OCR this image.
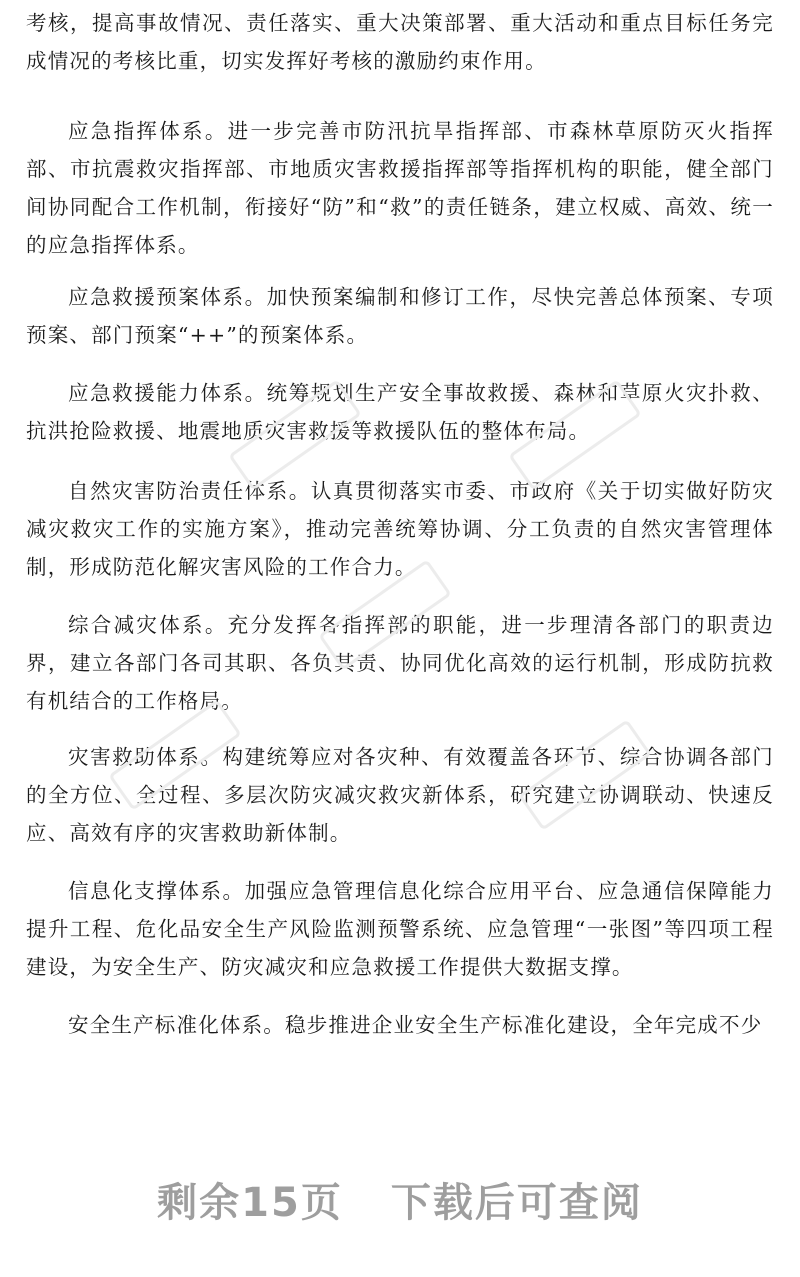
考核，提高事故情况、责任落实、重大决策部署、重大活动和重点目标任务完成情况的考核比重，切实发挥好考核的激励约束作用。

应急指挥体系。进一步完善市防汛抗旱指挥部、市森林草原防灭火指挥部、市抗震救灾指挥部、市地质灾害救援指挥部等指挥机构的职能，健全部门间协同配合工作机制，衔接好“防”和“救”的责任链条，建立权威、高效、统一的应急指挥体系。

应急救援预案体系。加快预案编制和修订工作，尽快完善总体预案、专项预案、部门预案“++”的预案体系。

应急救援能力体系。统筹规划生产安全事故救援、森林和草原火灾扑救、抗洪抢险救援、地震地质灾害救援等救援队伍的整体布局。

自然灾害防治责任体系。认真贯彻落实市委、市政府《关于切实做好防灾减灾救灾工作的实施方案》，推动完善统筹协调、分工负责的自然灾害管理体制，形成防范化解灾害风险的工作合力。

综合减灾体系。充分发挥各指挥部的职能，进一步理清各部门的职责边界，建立各部门各司其职、各负其责、协同优化高效的运行机制，形成防抗救有机结合的工作格局。

灾害救助体系。构建统筹应对各灾种、有效覆盖各环节、综合协调各部门的全方位、全过程、多层次防灾减灾救灾新体系，研究建立协调联动、快速反应、高效有序的灾害救助新体制。

信息化支撑体系。加强应急管理信息化综合应用平台、应急通信保障能力提升工程、危化品安全生产风险监测预警系统、应急管理“一张图”等四项工程建设，为安全生产、防灾减灾和应急救援工作提供大数据支撑。

安全生产标准化体系。稳步推进企业安全生产标准化建设，全年完成不少

剩余15页 下载后可查阅
